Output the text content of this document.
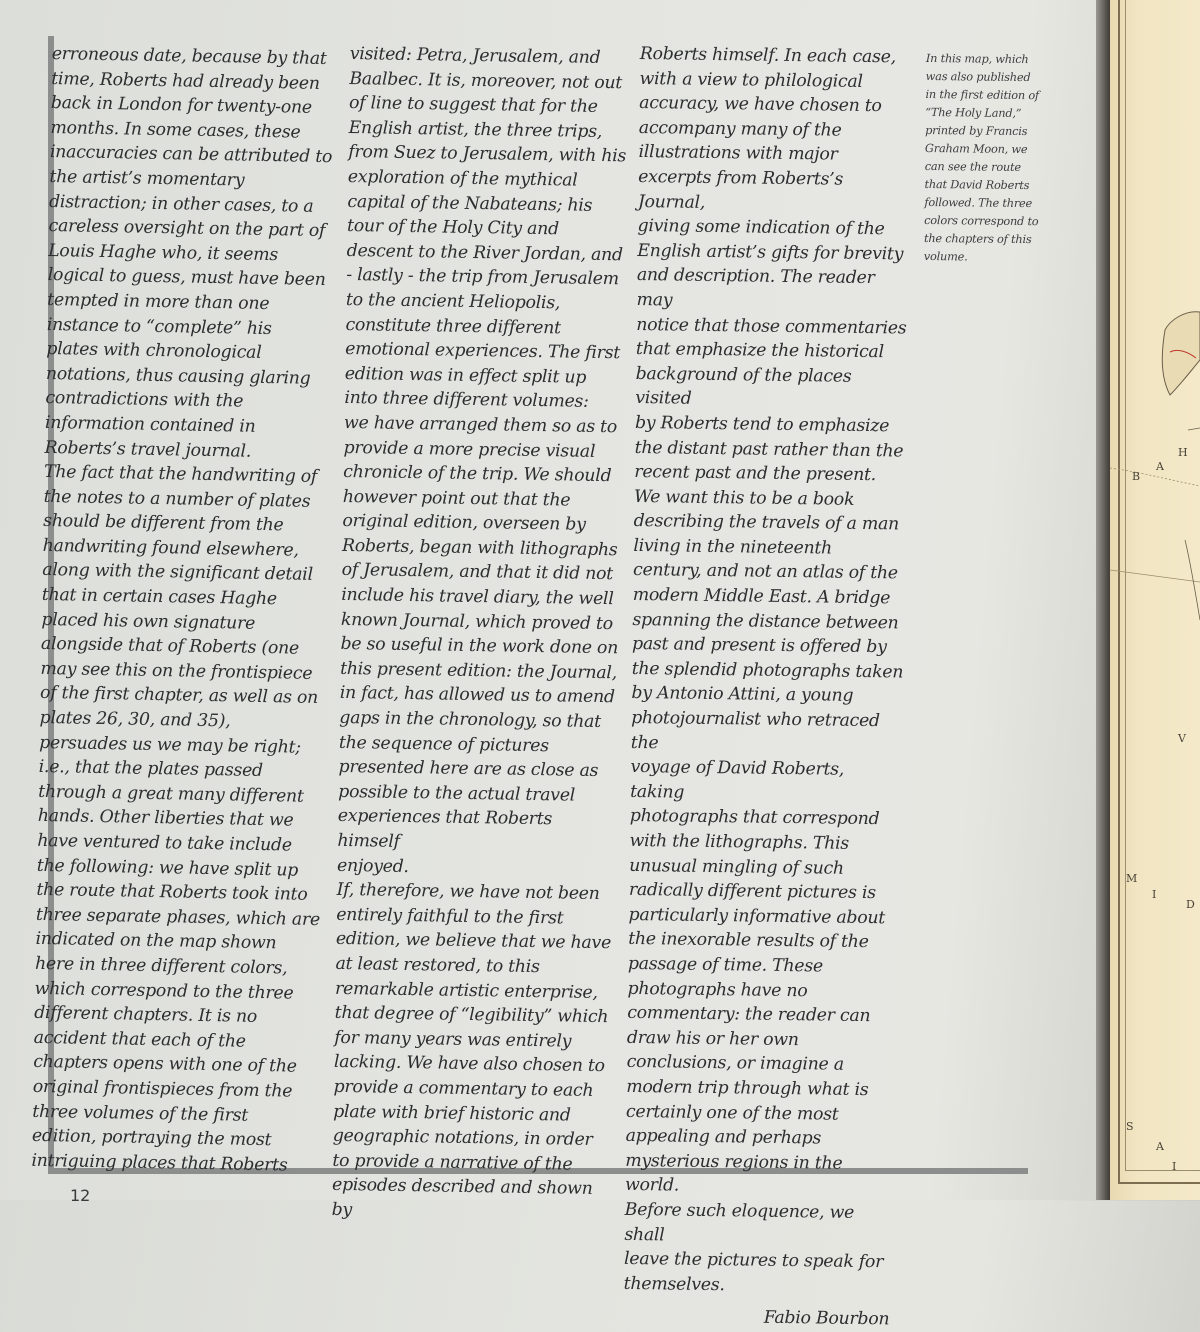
erroneous date, because by that
time, Roberts had already been
back in London for twenty-one
months. In some cases, these
inaccuracies can be attributed to
the artist’s momentary
distraction; in other cases, to a
careless oversight on the part of
Louis Haghe who, it seems
logical to guess, must have been
tempted in more than one
instance to “complete” his
plates with chronological
notations, thus causing glaring
contradictions with the
information contained in
Roberts’s travel journal.

The fact that the handwriting of
the notes to a number of plates
should be different from the
handwriting found elsewhere,
along with the significant detail
that in certain cases Haghe
placed his own signature
alongside that of Roberts (one
may see this on the frontispiece
of the first chapter, as well as on
plates 26, 30, and 35),
persuades us we may be right;
i.e., that the plates passed
through a great many different
hands. Other liberties that we
have ventured to take include
the following: we have split up
the route that Roberts took into
three separate phases, which are
indicated on the map shown
here in three different colors,
which correspond to the three
different chapters. It is no
accident that each of the
chapters opens with one of the
original frontispieces from the
three volumes of the first
edition, portraying the most
intriguing places that Roberts

visited: Petra, Jerusalem, and
Baalbec. It is, moreover, not out
of line to suggest that for the
English artist, the three trips,
from Suez to Jerusalem, with his
exploration of the mythical
capital of the Nabateans; his
tour of the Holy City and
descent to the River Jordan, and
- lastly - the trip from Jerusalem
to the ancient Heliopolis,
constitute three different
emotional experiences. The first
edition was in effect split up
into three different volumes:
we have arranged them so as to
provide a more precise visual
chronicle of the trip. We should
however point out that the
original edition, overseen by
Roberts, began with lithographs
of Jerusalem, and that it did not
include his travel diary, the well
known Journal, which proved to
be so useful in the work done on
this present edition: the Journal,
in fact, has allowed us to amend
gaps in the chronology, so that
the sequence of pictures
presented here are as close as
possible to the actual travel
experiences that Roberts himself
enjoyed.

If, therefore, we have not been
entirely faithful to the first
edition, we believe that we have
at least restored, to this
remarkable artistic enterprise,
that degree of “legibility” which
for many years was entirely
lacking. We have also chosen to
provide a commentary to each
plate with brief historic and
geographic notations, in order
to provide a narrative of the
episodes described and shown by

Roberts himself. In each case,
with a view to philological
accuracy, we have chosen to
accompany many of the
illustrations with major
excerpts from Roberts’s Journal,
giving some indication of the
English artist’s gifts for brevity
and description. The reader may
notice that those commentaries
that emphasize the historical
background of the places visited
by Roberts tend to emphasize
the distant past rather than the
recent past and the present.

We want this to be a book
describing the travels of a man
living in the nineteenth
century, and not an atlas of the
modern Middle East. A bridge
spanning the distance between
past and present is offered by
the splendid photographs taken
by Antonio Attini, a young
photojournalist who retraced the
voyage of David Roberts, taking
photographs that correspond
with the lithographs. This
unusual mingling of such
radically different pictures is
particularly informative about
the inexorable results of the
passage of time. These
photographs have no
commentary: the reader can
draw his or her own
conclusions, or imagine a
modern trip through what is
certainly one of the most
appealing and perhaps
mysterious regions in the world.
Before such eloquence, we shall
leave the pictures to speak for
themselves.

Fabio Bourbon
In this map, which
was also published
in the first edition of
“The Holy Land,”
printed by Francis
Graham Moon, we
can see the route
that David Roberts
followed. The three
colors correspond to
the chapters of this
volume.
12
B
A
H
V
M
I
D
S
A
I
